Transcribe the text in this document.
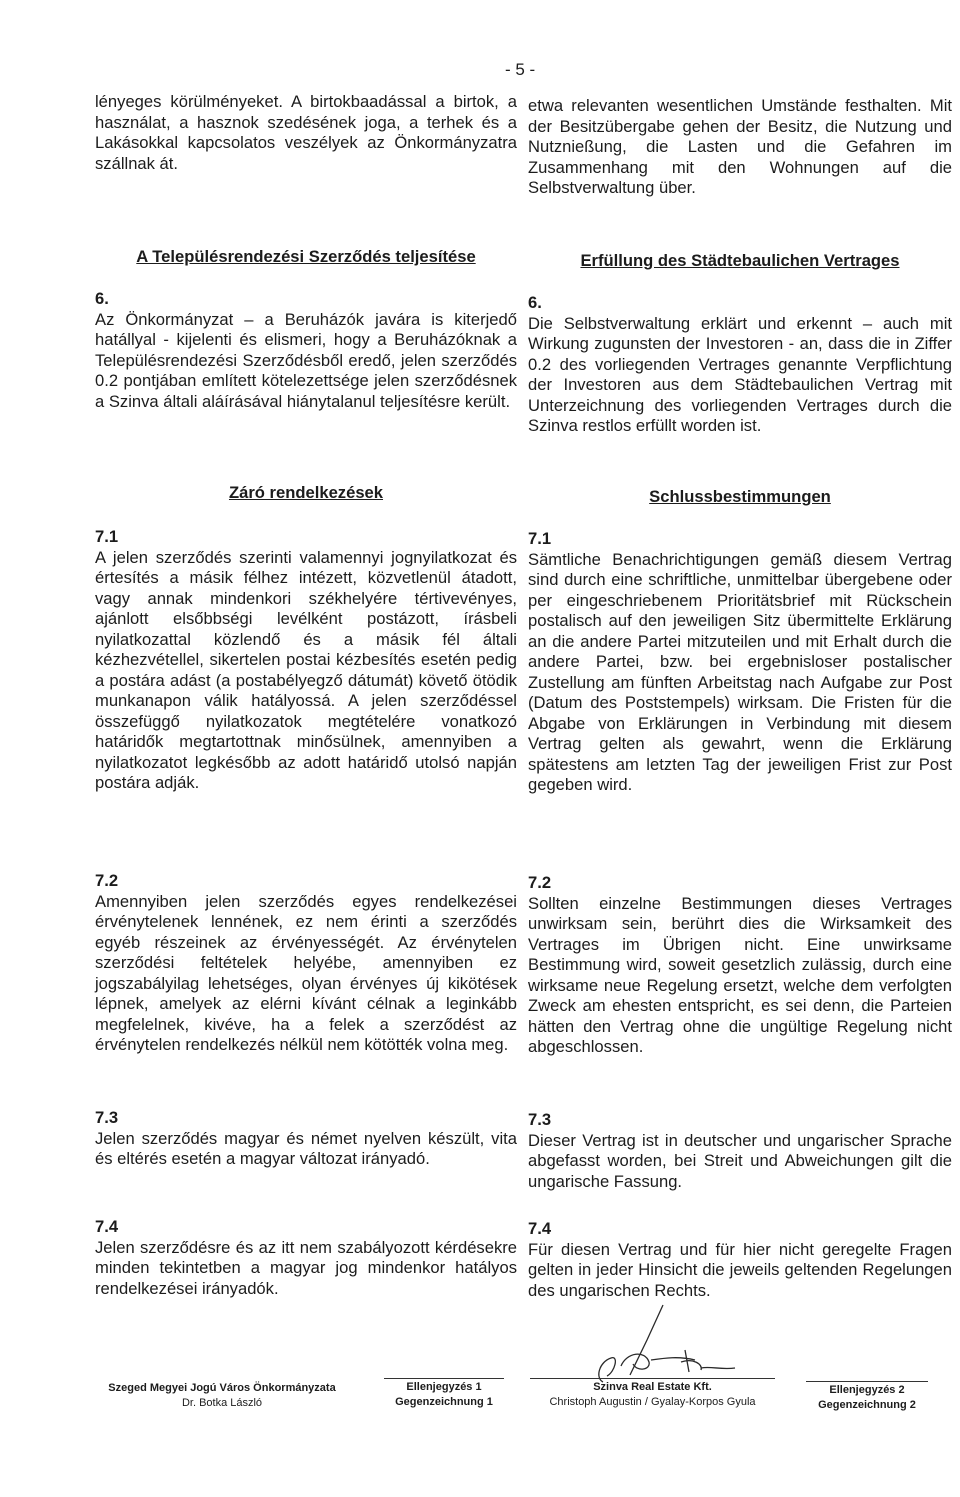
- 5 -

lényeges körülményeket. A birtokbaadással a birtok, a használat, a hasznok szedésének joga, a terhek és a Lakásokkal kapcsolatos veszélyek az Önkormányzatra szállnak át.

A Településrendezési Szerződés teljesítése
6.

Az Önkormányzat – a Beruházók javára is kiterjedő hatállyal - kijelenti és elismeri, hogy a Beruházóknak a Településrendezési Szerződésből eredő, jelen szerződés 0.2 pontjában említett kötelezettsége jelen szerződésnek a Szinva általi aláírásával hiánytalanul teljesítésre került.

Záró rendelkezések
7.1

A jelen szerződés szerinti valamennyi jognyilatkozat és értesítés a másik félhez intézett, közvetlenül átadott, vagy annak mindenkori székhelyére tértivevényes, ajánlott elsőbbségi levélként postázott, írásbeli nyilatkozattal közlendő és a másik fél általi kézhezvétellel, sikertelen postai kézbesítés esetén pedig a postára adást (a postabélyegző dátumát) követő ötödik munkanapon válik hatályossá. A jelen szerződéssel összefüggő nyilatkozatok megtételére vonatkozó határidők megtartottnak minősülnek, amennyiben a nyilatkozatot legkésőbb az adott határidő utolsó napján postára adják.

7.2

Amennyiben jelen szerződés egyes rendelkezései érvénytelenek lennének, ez nem érinti a szerződés egyéb részeinek az érvényességét. Az érvénytelen szerződési feltételek helyébe, amennyiben ez jogszabályilag lehetséges, olyan érvényes új kikötések lépnek, amelyek az elérni kívánt célnak a leginkább megfelelnek, kivéve, ha a felek a szerződést az érvénytelen rendelkezés nélkül nem kötötték volna meg.

7.3

Jelen szerződés magyar és német nyelven készült, vita és eltérés esetén a magyar változat irányadó.

7.4

Jelen szerződésre és az itt nem szabályozott kérdésekre minden tekintetben a magyar jog mindenkor hatályos rendelkezései irányadók.

etwa relevanten wesentlichen Umstände festhalten. Mit der Besitzübergabe gehen der Besitz, die Nutzung und Nutznießung, die Lasten und die Gefahren im Zusammenhang mit den Wohnungen auf die Selbstverwaltung über.

Erfüllung des Städtebaulichen Vertrages
6.

Die Selbstverwaltung erklärt und erkennt – auch mit Wirkung zugunsten der Investoren - an, dass die in Ziffer 0.2 des vorliegenden Vertrages genannte Verpflichtung der Investoren aus dem Städtebaulichen Vertrag mit Unterzeichnung des vorliegenden Vertrages durch die Szinva restlos erfüllt worden ist.

Schlussbestimmungen
7.1

Sämtliche Benachrichtigungen gemäß diesem Vertrag sind durch eine schriftliche, unmittelbar übergebene oder per eingeschriebenem Prioritätsbrief mit Rückschein postalisch auf den jeweiligen Sitz übermittelte Erklärung an die andere Partei mitzuteilen und mit Erhalt durch die andere Partei, bzw. bei ergebnisloser postalischer Zustellung am fünften Arbeitstag nach Aufgabe zur Post (Datum des Poststempels) wirksam. Die Fristen für die Abgabe von Erklärungen in Verbindung mit diesem Vertrag gelten als gewahrt, wenn die Erklärung spätestens am letzten Tag der jeweiligen Frist zur Post gegeben wird.

7.2

Sollten einzelne Bestimmungen dieses Vertrages unwirksam sein, berührt dies die Wirksamkeit des Vertrages im Übrigen nicht. Eine unwirksame Bestimmung wird, soweit gesetzlich zulässig, durch eine wirksame neue Regelung ersetzt, welche dem verfolgten Zweck am ehesten entspricht, es sei denn, die Parteien hätten den Vertrag ohne die ungültige Regelung nicht abgeschlossen.

7.3

Dieser Vertrag ist in deutscher und ungarischer Sprache abgefasst worden, bei Streit und Abweichungen gilt die ungarische Fassung.

7.4

Für diesen Vertrag und für hier nicht geregelte Fragen gelten in jeder Hinsicht die jeweils geltenden Regelungen des ungarischen Rechts.

Szeged Megyei Jogú Város Önkormányzata
Dr. Botka László
Ellenjegyzés 1
Gegenzeichnung 1
Szinva Real Estate Kft.
Christoph Augustin / Gyalay-Korpos Gyula
Ellenjegyzés 2
Gegenzeichnung 2
